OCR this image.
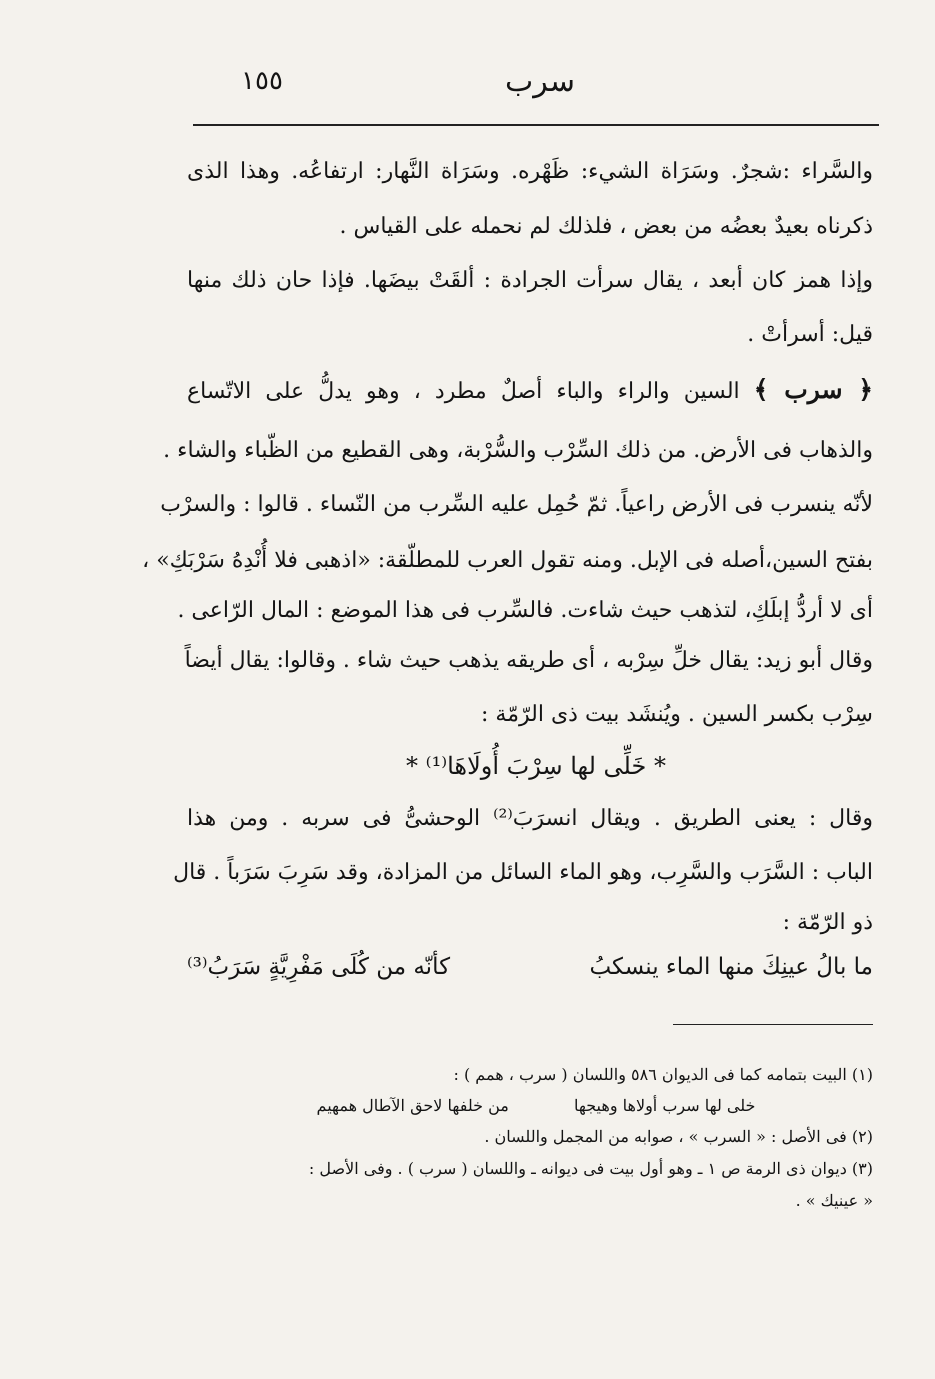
سرب
١٥٥
والسَّراء :شجرٌ. وسَرَاة الشيء: ظَهْره. وسَرَاة النَّهار: ارتفاعُه. وهذا الذى
ذكرناه بعيدٌ بعضُه من بعض ، فلذلك لم نحمله على القياس .
وإذا همز كان أبعد ، يقال سرأت الجرادة : ألقَتْ بيضَها. فإذا حان ذلك منها
قيل: أسرأتْ .
﴿ سرب ﴾ السين والراء والباء أصلٌ مطرد ، وهو يدلُّ على الاتّساع
والذهاب فى الأرض. من ذلك السِّرْب والسُّرْبة، وهى القطيع من الظّباء والشاء .
لأنّه ينسرب فى الأرض راعياً. ثمّ حُمِل عليه السِّرب من النّساء . قالوا : والسرْب
بفتح السين،أصله فى الإبل. ومنه تقول العرب للمطلّقة: «اذهبى فلا أُنْدِهُ سَرْبَكِ» ،
أى لا أردُّ إبلَكِ، لتذهب حيث شاءت. فالسِّرب فى هذا الموضع : المال الرّاعى .
وقال أبو زيد: يقال خلِّ سِرْبه ، أى طريقه يذهب حيث شاء . وقالوا: يقال أيضاً
سِرْب بكسر السين . ويُنشَد بيت ذى الرّمّة :
* خَلِّى لها سِرْبَ أُولَاهَا⁽¹⁾ *
وقال : يعنى الطريق . ويقال انسرَبَ⁽²⁾ الوحشىُّ فى سربه . ومن هذا
الباب : السَّرَب والسَّرِب، وهو الماء السائل من المزادة، وقد سَرِبَ سَرَباً . قال
ذو الرّمّة :
ما بالُ عينِكَ منها الماء ينسكبُ
كأنّه من كُلَى مَفْرِيَّةٍ سَرَبُ⁽³⁾
(١) البيت بتمامه كما فى الديوان ٥٨٦ واللسان ( سرب ، همم ) :
خلى لها سرب أولاها وهيجها من خلفها لاحق الآطال همهيم
(٢) فى الأصل : « السرب » ، صوابه من المجمل واللسان .
(٣) ديوان ذى الرمة ص ١ ـ وهو أول بيت فى ديوانه ـ واللسان ( سرب ) . وفى الأصل :
« عينيك » .
